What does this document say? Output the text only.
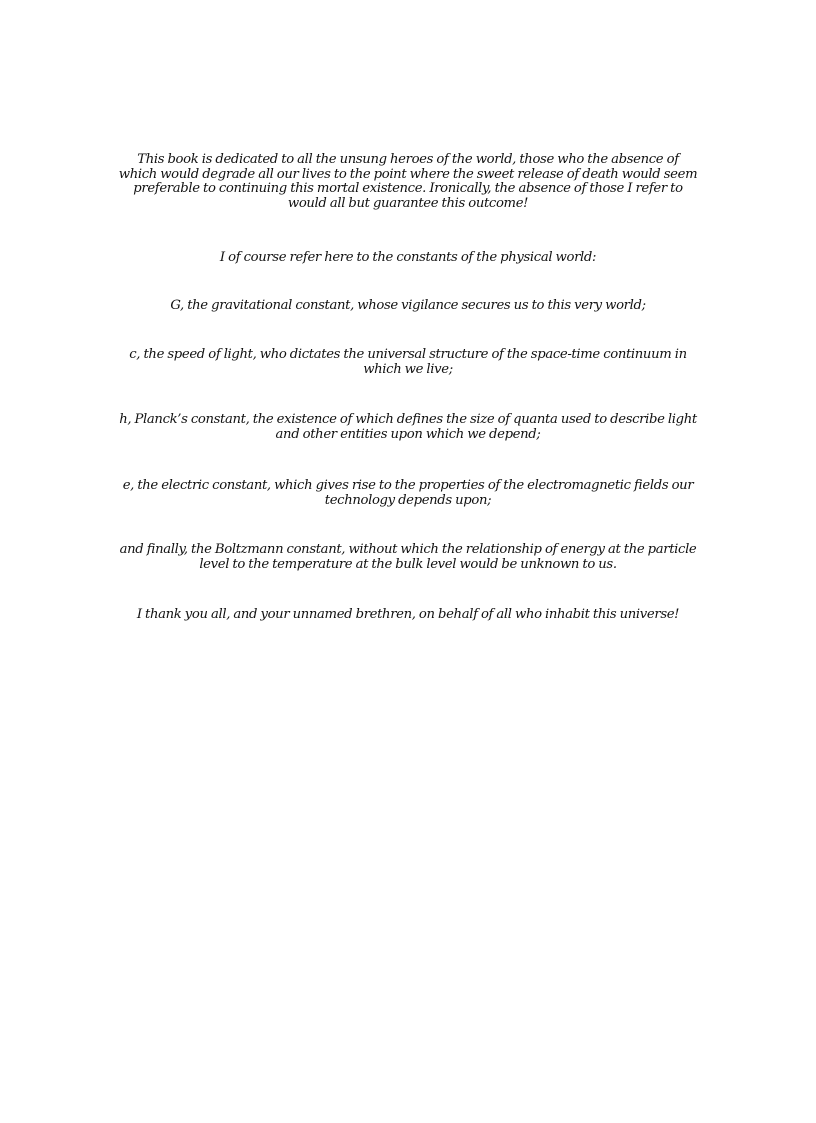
This book is dedicated to all the unsung heroes of the world, those who the absence of which would degrade all our lives to the point where the sweet release of death would seem preferable to continuing this mortal existence. Ironically, the absence of those I refer to would all but guarantee this outcome!

I of course refer here to the constants of the physical world:

G, the gravitational constant, whose vigilance secures us to this very world;

c, the speed of light, who dictates the universal structure of the space-time continuum in which we live;

h, Planck’s constant, the existence of which defines the size of quanta used to describe light and other entities upon which we depend;

e, the electric constant, which gives rise to the properties of the electromagnetic fields our technology depends upon;

and finally, the Boltzmann constant, without which the relationship of energy at the particle level to the temperature at the bulk level would be unknown to us.

I thank you all, and your unnamed brethren, on behalf of all who inhabit this universe!
